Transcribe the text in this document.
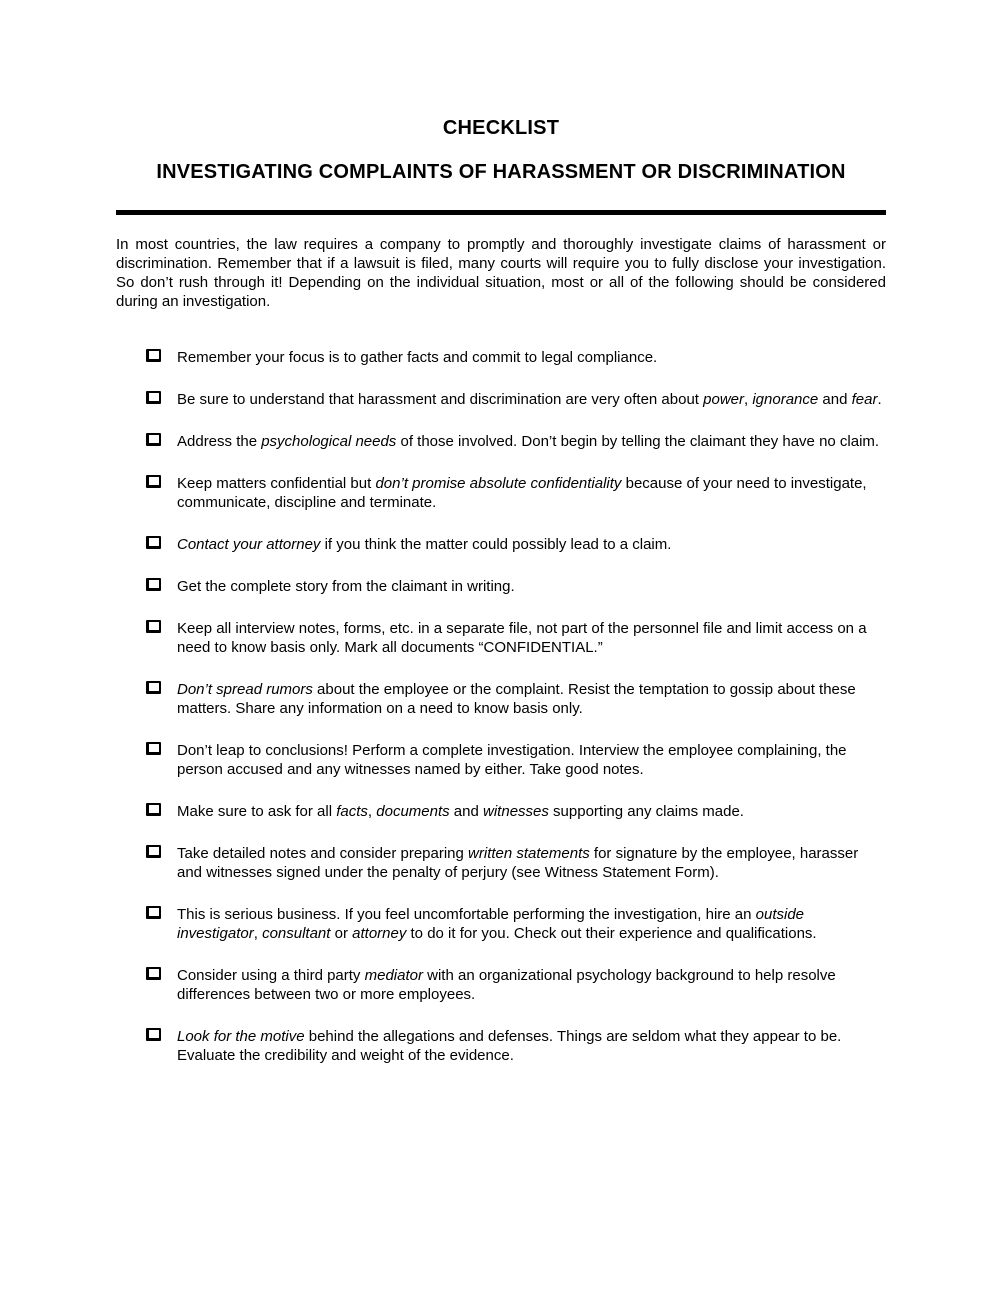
CHECKLIST
INVESTIGATING COMPLAINTS OF HARASSMENT OR DISCRIMINATION

In most countries, the law requires a company to promptly and thoroughly investigate claims of harassment or discrimination. Remember that if a lawsuit is filed, many courts will require you to fully disclose your investigation. So don’t rush through it! Depending on the individual situation, most or all of the following should be considered during an investigation.

Remember your focus is to gather facts and commit to legal compliance.
Be sure to understand that harassment and discrimination are very often about power, ignorance and fear.
Address the psychological needs of those involved. Don’t begin by telling the claimant they have no claim.
Keep matters confidential but don’t promise absolute confidentiality because of your need to investigate, communicate, discipline and terminate.
Contact your attorney if you think the matter could possibly lead to a claim.
Get the complete story from the claimant in writing.
Keep all interview notes, forms, etc. in a separate file, not part of the personnel file and limit access on a need to know basis only. Mark all documents “CONFIDENTIAL.”
Don’t spread rumors about the employee or the complaint. Resist the temptation to gossip about these matters. Share any information on a need to know basis only.
Don’t leap to conclusions! Perform a complete investigation. Interview the employee complaining, the person accused and any witnesses named by either. Take good notes.
Make sure to ask for all facts, documents and witnesses supporting any claims made.
Take detailed notes and consider preparing written statements for signature by the employee, harasser and witnesses signed under the penalty of perjury (see Witness Statement Form).
This is serious business. If you feel uncomfortable performing the investigation, hire an outside investigator, consultant or attorney to do it for you. Check out their experience and qualifications.
Consider using a third party mediator with an organizational psychology background to help resolve differences between two or more employees.
Look for the motive behind the allegations and defenses. Things are seldom what they appear to be. Evaluate the credibility and weight of the evidence.
